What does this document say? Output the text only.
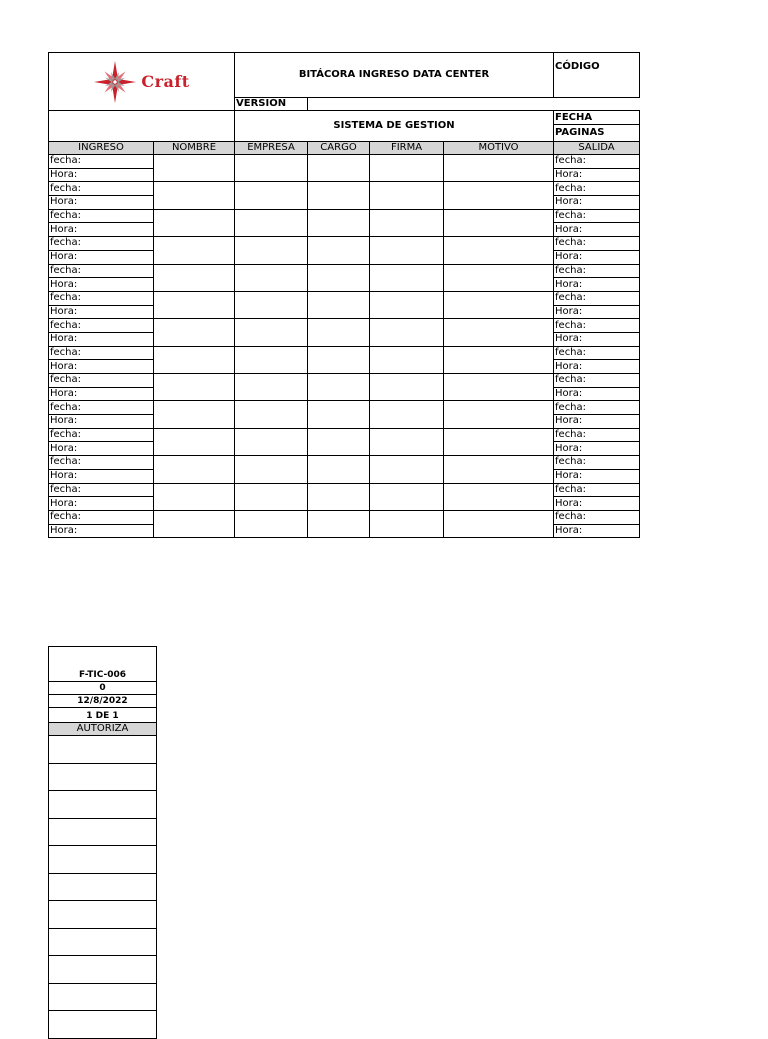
Craft		BITÁCORA INGRESO DATA CENTER				CÓDIGO
		VERSIÒN				
		SISTEMA DE GESTION				FECHA
						PAGINAS
INGRESO	NOMBRE	EMPRESA	CARGO	FIRMA	MOTIVO	SALIDA
fecha:						fecha:
Hora:						Hora:
fecha:						fecha:
Hora:						Hora:
fecha:						fecha:
Hora:						Hora:
fecha:						fecha:
Hora:						Hora:
fecha:						fecha:
Hora:						Hora:
fecha:						fecha:
Hora:						Hora:
fecha:						fecha:
Hora:						Hora:
fecha:						fecha:
Hora:						Hora:
fecha:						fecha:
Hora:						Hora:
fecha:						fecha:
Hora:						Hora:
fecha:						fecha:
Hora:						Hora:
fecha:						fecha:
Hora:						Hora:
fecha:						fecha:
Hora:						Hora:
fecha:						fecha:
Hora:						Hora:
F-TIC-006
0
12/8/2022
1 DE 1
AUTORIZA
